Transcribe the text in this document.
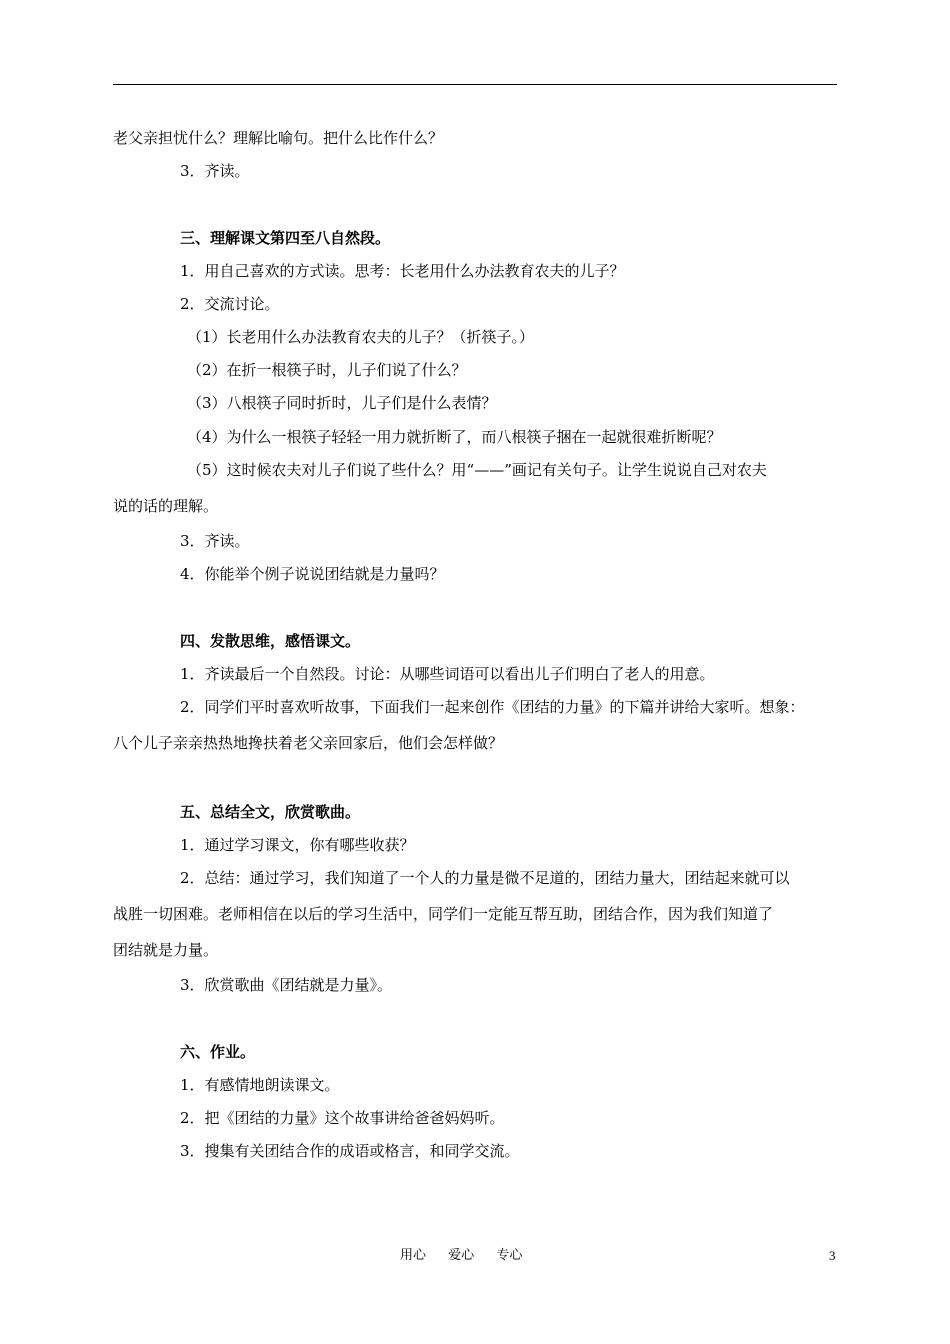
老父亲担忧什么？理解比喻句。把什么比作什么？
3．齐读。
三、理解课文第四至八自然段。
1．用自己喜欢的方式读。思考：长老用什么办法教育农夫的儿子？
2．交流讨论。
（1）长老用什么办法教育农夫的儿子？（折筷子。）
（2）在折一根筷子时，儿子们说了什么？
（3）八根筷子同时折时，儿子们是什么表情？
（4）为什么一根筷子轻轻一用力就折断了，而八根筷子捆在一起就很难折断呢？
（5）这时候农夫对儿子们说了些什么？用“——”画记有关句子。让学生说说自己对农夫
说的话的理解。
3．齐读。
4．你能举个例子说说团结就是力量吗？
四、发散思维，感悟课文。
1．齐读最后一个自然段。讨论：从哪些词语可以看出儿子们明白了老人的用意。
2．同学们平时喜欢听故事，下面我们一起来创作《团结的力量》的下篇并讲给大家听。想象：
八个儿子亲亲热热地搀扶着老父亲回家后，他们会怎样做？
五、总结全文，欣赏歌曲。
1．通过学习课文，你有哪些收获？
2．总结：通过学习，我们知道了一个人的力量是微不足道的，团结力量大，团结起来就可以
战胜一切困难。老师相信在以后的学习生活中，同学们一定能互帮互助，团结合作，因为我们知道了
团结就是力量。
3．欣赏歌曲《团结就是力量》。
六、作业。
1．有感情地朗读课文。
2．把《团结的力量》这个故事讲给爸爸妈妈听。
3．搜集有关团结合作的成语或格言，和同学交流。
用心 爱心 专心	3
